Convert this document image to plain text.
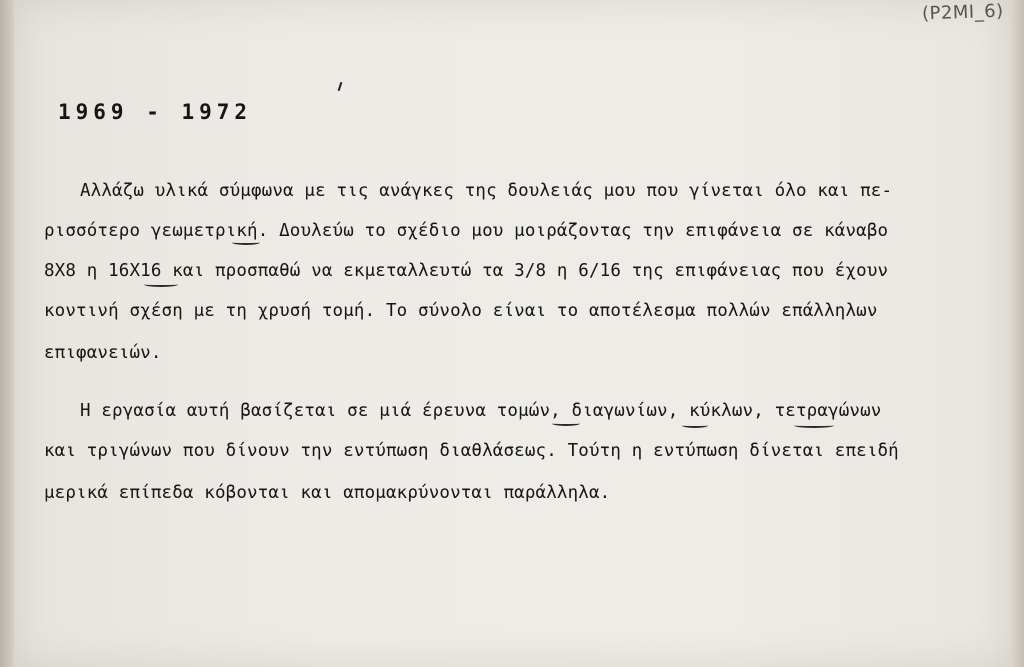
(Ρ2ΜΙ_6)
1969 - 1972
Αλλάζω υλικά σύμφωνα με τις ανάγκες της δουλειάς μου που γίνεται όλο και πε-
ρισσότερο γεωμετρική. Δουλεύω το σχέδιο μου μοιράζοντας την επιφάνεια σε κάναβο
8Χ8 η 16Χ16 και προσπαθώ να εκμεταλλευτώ τα 3/8 η 6/16 της επιφάνειας που έχουν
κοντινή σχέση με τη χρυσή τομή. Το σύνολο είναι το αποτέλεσμα πολλών επάλληλων
επιφανειών.
Η εργασία αυτή βασίζεται σε μιά έρευνα τομών, διαγωνίων, κύκλων, τετραγώνων
και τριγώνων που δίνουν την εντύπωση διαθλάσεως. Τούτη η εντύπωση δίνεται επειδή
μερικά επίπεδα κόβονται και απομακρύνονται παράλληλα.
